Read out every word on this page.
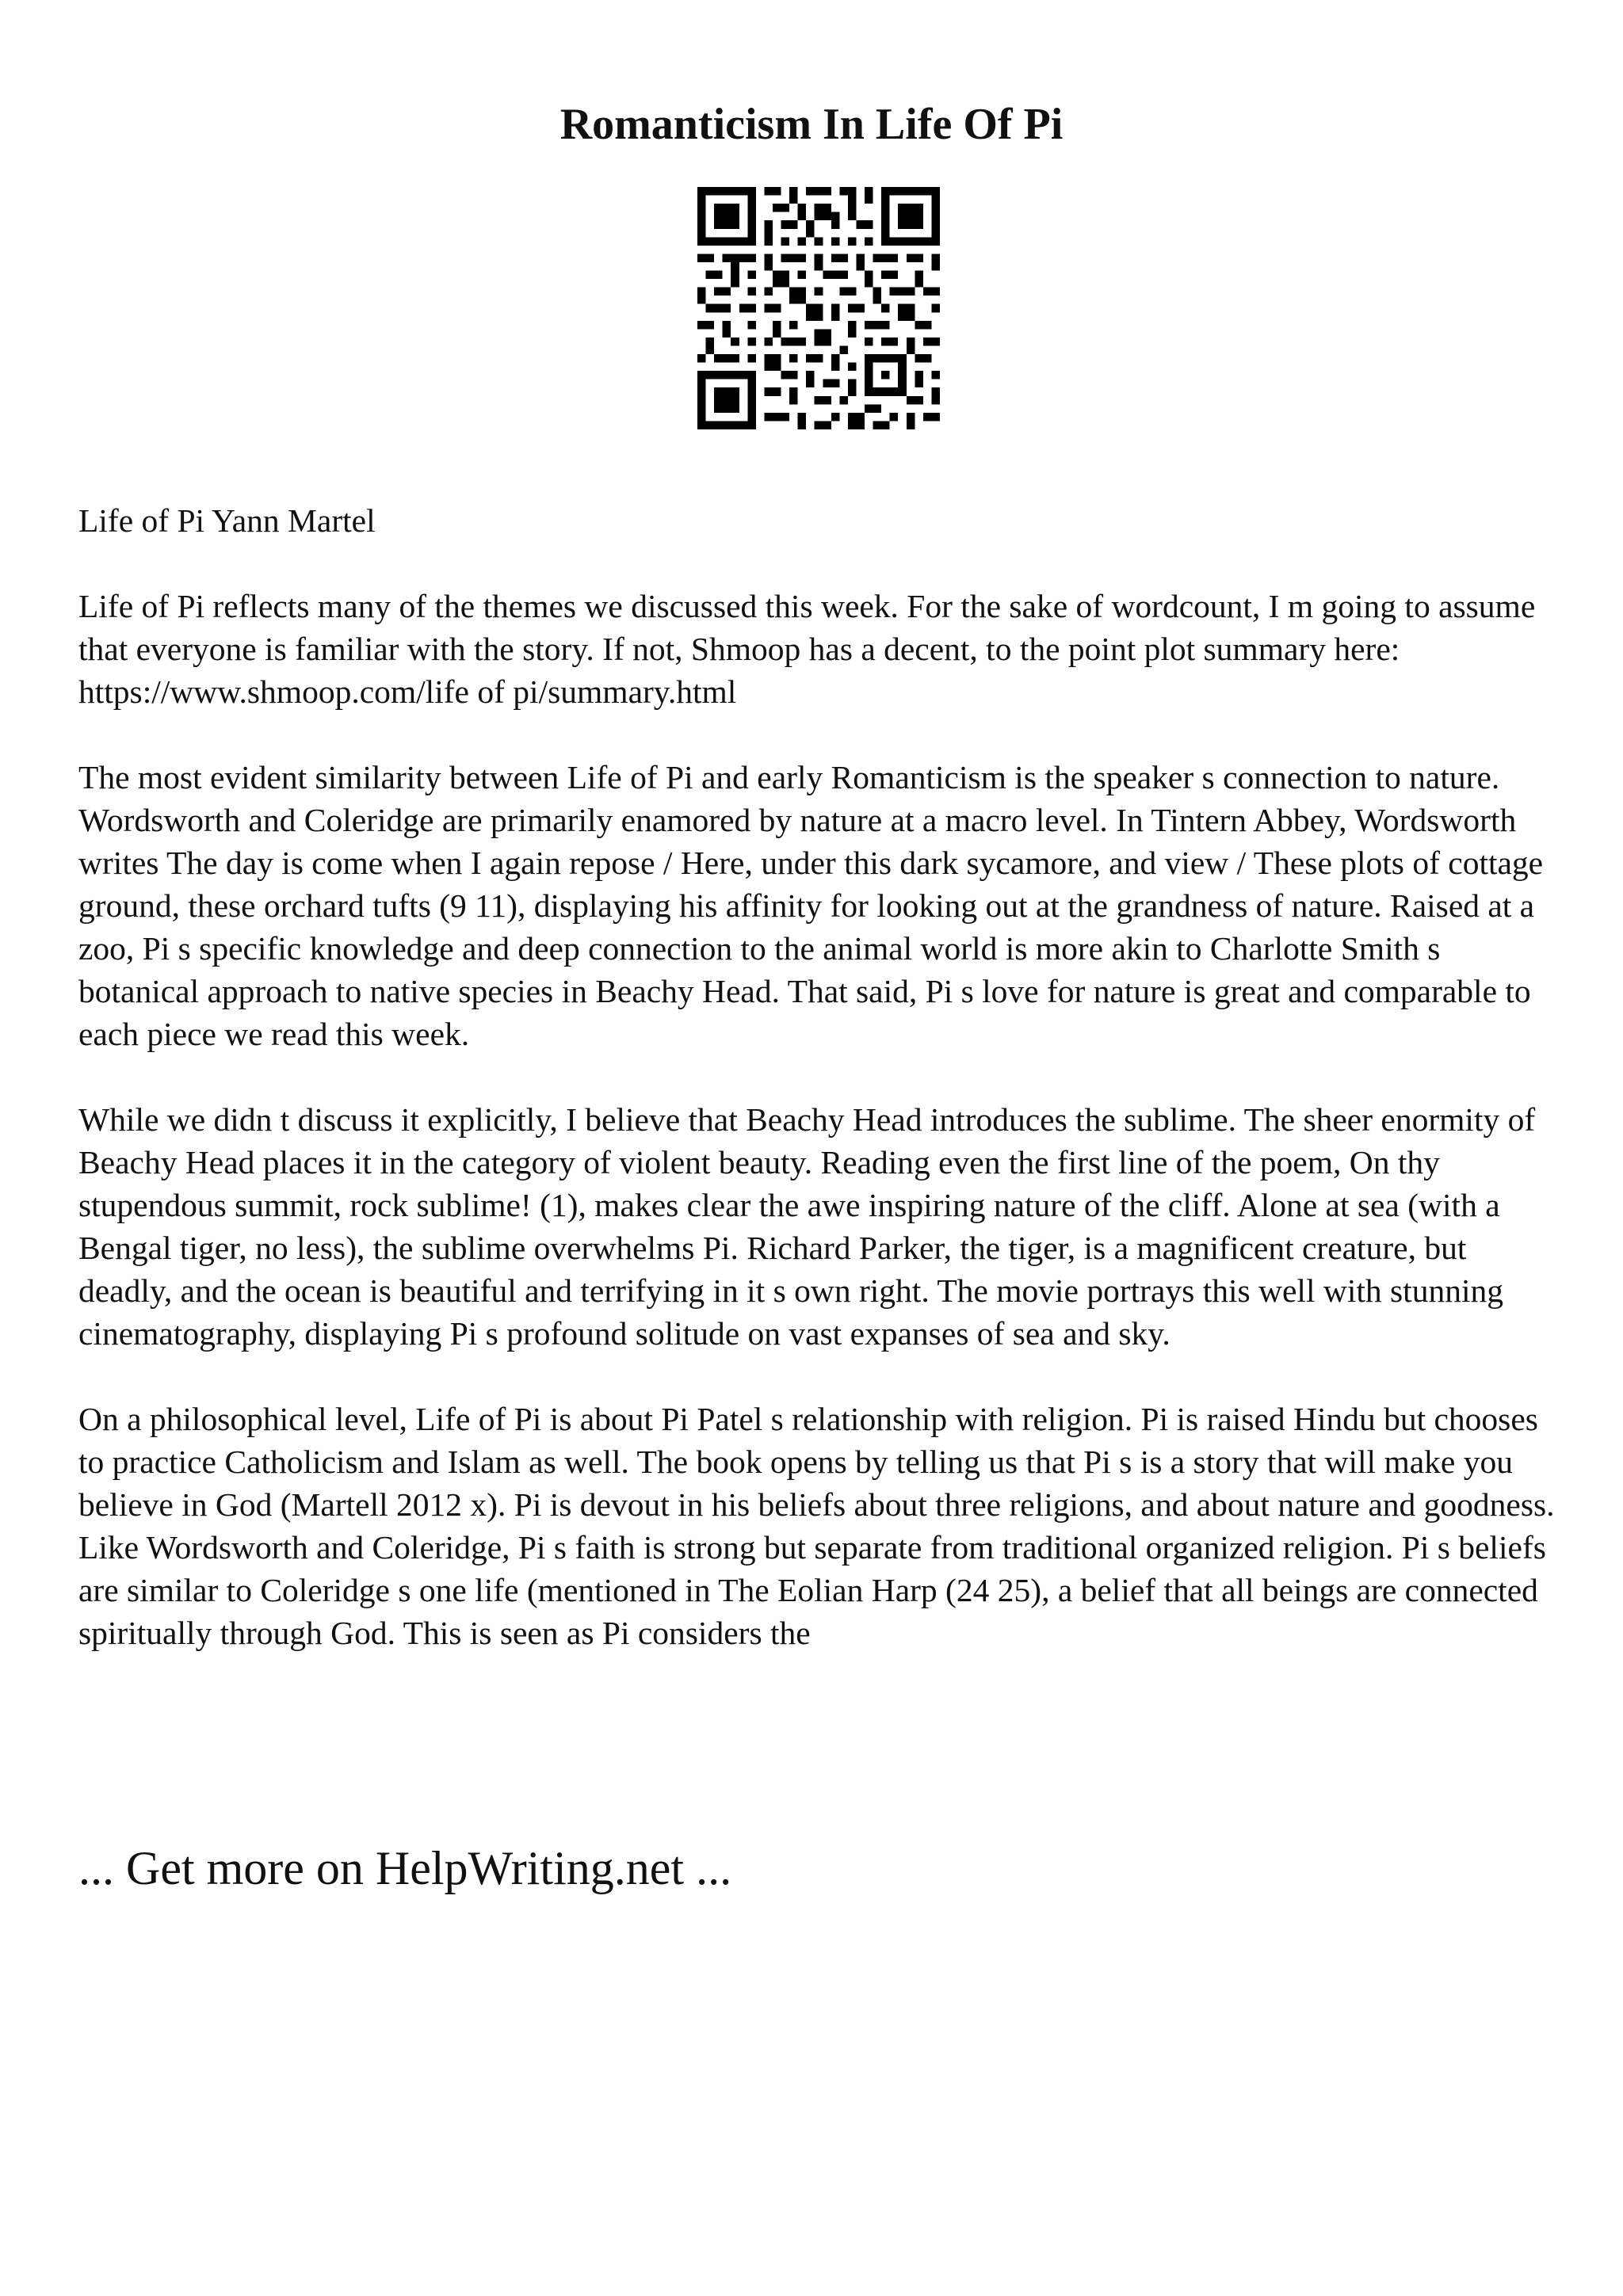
Romanticism In Life Of Pi

Life of Pi Yann Martel

Life of Pi reflects many of the themes we discussed this week. For the sake of wordcount, I m going to assume that everyone is familiar with the story. If not, Shmoop has a decent, to the point plot summary here: https://www.shmoop.com/life of pi/summary.html

The most evident similarity between Life of Pi and early Romanticism is the speaker s connection to nature. Wordsworth and Coleridge are primarily enamored by nature at a macro level. In Tintern Abbey, Wordsworth writes The day is come when I again repose / Here, under this dark sycamore, and view / These plots of cottage ground, these orchard tufts (9 11), displaying his affinity for looking out at the grandness of nature. Raised at a zoo, Pi s specific knowledge and deep connection to the animal world is more akin to Charlotte Smith s botanical approach to native species in Beachy Head. That said, Pi s love for nature is great and comparable to each piece we read this week.

While we didn t discuss it explicitly, I believe that Beachy Head introduces the sublime. The sheer enormity of Beachy Head places it in the category of violent beauty. Reading even the first line of the poem, On thy stupendous summit, rock sublime! (1), makes clear the awe inspiring nature of the cliff. Alone at sea (with a Bengal tiger, no less), the sublime overwhelms Pi. Richard Parker, the tiger, is a magnificent creature, but deadly, and the ocean is beautiful and terrifying in it s own right. The movie portrays this well with stunning cinematography, displaying Pi s profound solitude on vast expanses of sea and sky.

On a philosophical level, Life of Pi is about Pi Patel s relationship with religion. Pi is raised Hindu but chooses to practice Catholicism and Islam as well. The book opens by telling us that Pi s is a story that will make you believe in God (Martell 2012 x). Pi is devout in his beliefs about three religions, and about nature and goodness. Like Wordsworth and Coleridge, Pi s faith is strong but separate from traditional organized religion. Pi s beliefs are similar to Coleridge s one life (mentioned in The Eolian Harp (24 25), a belief that all beings are connected spiritually through God. This is seen as Pi considers the

... Get more on HelpWriting.net ...
